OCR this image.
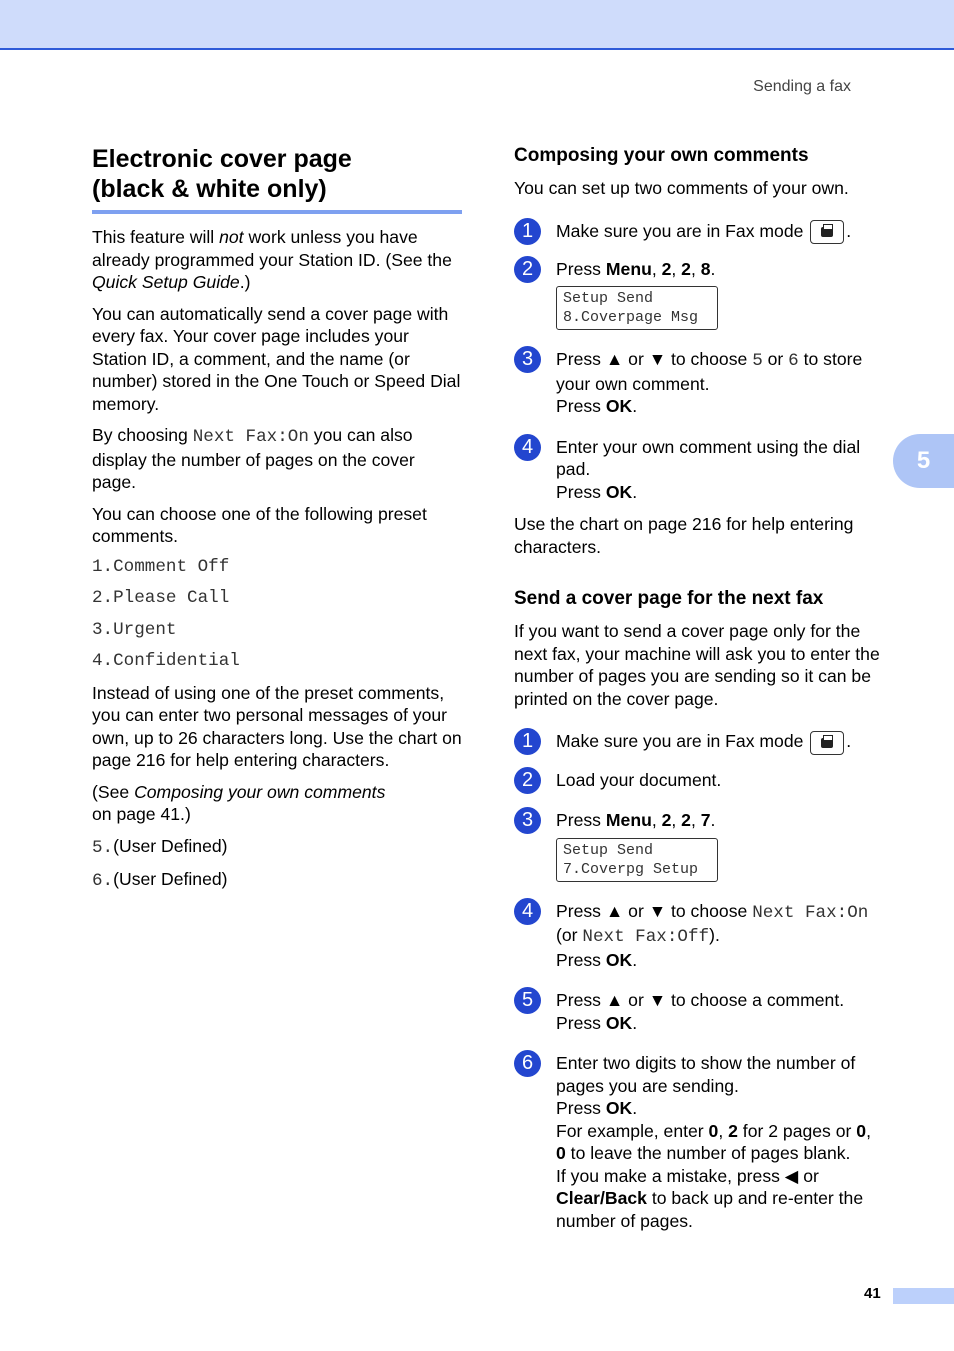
Sending a fax
5
Electronic cover page
(black & white only)

This feature will not work unless you have already programmed your Station ID. (See the Quick Setup Guide.)

You can automatically send a cover page with every fax. Your cover page includes your Station ID, a comment, and the name (or number) stored in the One Touch or Speed Dial memory.

By choosing Next Fax:On you can also display the number of pages on the cover page.

You can choose one of the following preset comments.

1.Comment Off
2.Please Call
3.Urgent
4.Confidential

Instead of using one of the preset comments, you can enter two personal messages of your own, up to 26 characters long. Use the chart on page 216 for help entering characters.

(See Composing your own comments
on page 41.)

5.(User Defined)

6.(User Defined)

Composing your own comments

You can set up two comments of your own.

1	Make sure you are in Fax mode .
2	Press Menu, 2, 2, 8.
Setup Send
8.Coverpage Msg
3	Press ▲ or ▼ to choose 5 or 6 to store your own comment.
Press OK.
4	Enter your own comment using the dial pad.
Press OK.

Use the chart on page 216 for help entering characters.

Send a cover page for the next fax

If you want to send a cover page only for the next fax, your machine will ask you to enter the number of pages you are sending so it can be printed on the cover page.

1	Make sure you are in Fax mode .
2	Load your document.
3	Press Menu, 2, 2, 7.
Setup Send
7.Coverpg Setup
4	Press ▲ or ▼ to choose Next Fax:On
(or Next Fax:Off).
Press OK.
5	Press ▲ or ▼ to choose a comment.
Press OK.
6	Enter two digits to show the number of pages you are sending.
Press OK.
For example, enter 0, 2 for 2 pages or 0, 0 to leave the number of pages blank.
If you make a mistake, press ◀ or Clear/Back to back up and re-enter the number of pages.
41
